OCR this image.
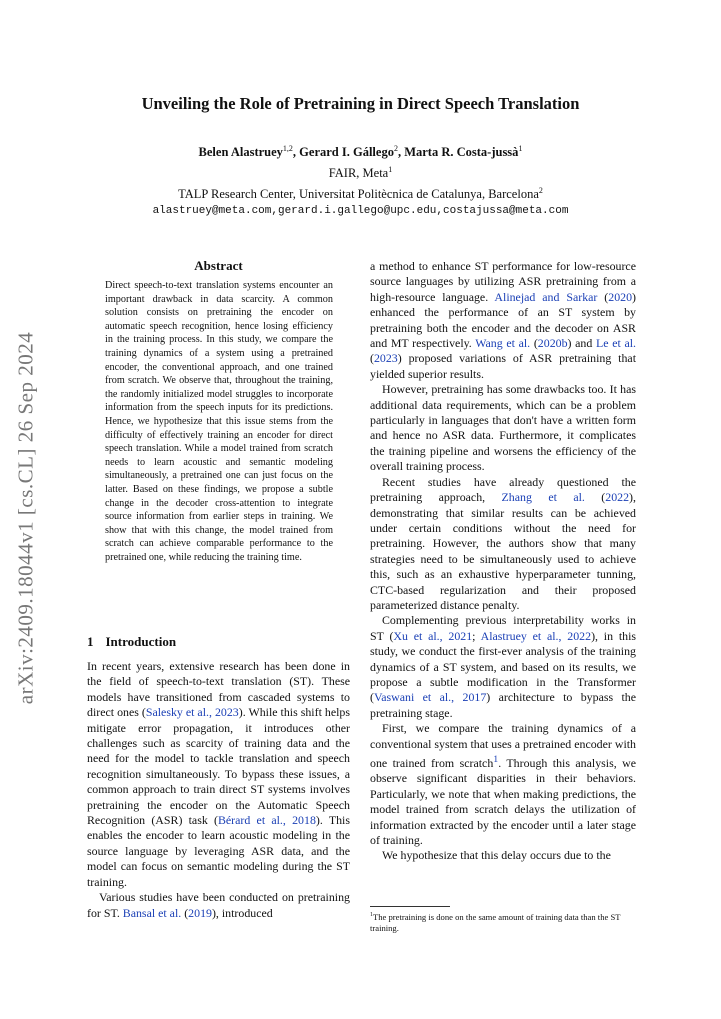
arXiv:2409.18044v1 [cs.CL] 26 Sep 2024
Unveiling the Role of Pretraining in Direct Speech Translation
Belen Alastruey$^{1,2}$, Gerard I. Gállego$^2$, Marta R. Costa-jussà$^1$
FAIR, Meta$^1$
TALP Research Center, Universitat Politècnica de Catalunya, Barcelona$^2$
alastruey@meta.com,gerard.i.gallego@upc.edu,costajussa@meta.com
Abstract
Direct speech-to-text translation systems encounter an important drawback in data scarcity. A common solution consists on pretraining the encoder on automatic speech recognition, hence losing efficiency in the training process. In this study, we compare the training dynamics of a system using a pretrained encoder, the conventional approach, and one trained from scratch. We observe that, throughout the training, the randomly initialized model struggles to incorporate information from the speech inputs for its predictions. Hence, we hypothesize that this issue stems from the difficulty of effectively training an encoder for direct speech translation. While a model trained from scratch needs to learn acoustic and semantic modeling simultaneously, a pretrained one can just focus on the latter. Based on these findings, we propose a subtle change in the decoder cross-attention to integrate source information from earlier steps in training. We show that with this change, the model trained from scratch can achieve comparable performance to the pretrained one, while reducing the training time.
1 Introduction

In recent years, extensive research has been done in the field of speech-to-text translation (ST). These models have transitioned from cascaded systems to direct ones (Salesky et al., 2023). While this shift helps mitigate error propagation, it introduces other challenges such as scarcity of training data and the need for the model to tackle translation and speech recognition simultaneously. To bypass these issues, a common approach to train direct ST systems involves pretraining the encoder on the Automatic Speech Recognition (ASR) task (Bérard et al., 2018). This enables the encoder to learn acoustic modeling in the source language by leveraging ASR data, and the model can focus on semantic modeling during the ST training.

Various studies have been conducted on pretraining for ST. Bansal et al. (2019), introduced

a method to enhance ST performance for low-resource source languages by utilizing ASR pretraining from a high-resource language. Alinejad and Sarkar (2020) enhanced the performance of an ST system by pretraining both the encoder and the decoder on ASR and MT respectively. Wang et al. (2020b) and Le et al. (2023) proposed variations of ASR pretraining that yielded superior results.

However, pretraining has some drawbacks too. It has additional data requirements, which can be a problem particularly in languages that don't have a written form and hence no ASR data. Furthermore, it complicates the training pipeline and worsens the efficiency of the overall training process.

Recent studies have already questioned the pretraining approach, Zhang et al. (2022), demonstrating that similar results can be achieved under certain conditions without the need for pretraining. However, the authors show that many strategies need to be simultaneously used to achieve this, such as an exhaustive hyperparameter tunning, CTC-based regularization and their proposed parameterized distance penalty.

Complementing previous interpretability works in ST (Xu et al., 2021; Alastruey et al., 2022), in this study, we conduct the first-ever analysis of the training dynamics of a ST system, and based on its results, we propose a subtle modification in the Transformer (Vaswani et al., 2017) architecture to bypass the pretraining stage.

First, we compare the training dynamics of a conventional system that uses a pretrained encoder with one trained from scratch$^1$. Through this analysis, we observe significant disparities in their behaviors. Particularly, we note that when making predictions, the model trained from scratch delays the utilization of information extracted by the encoder until a later stage of training.

We hypothesize that this delay occurs due to the

$^1$The pretraining is done on the same amount of training data than the ST training.
